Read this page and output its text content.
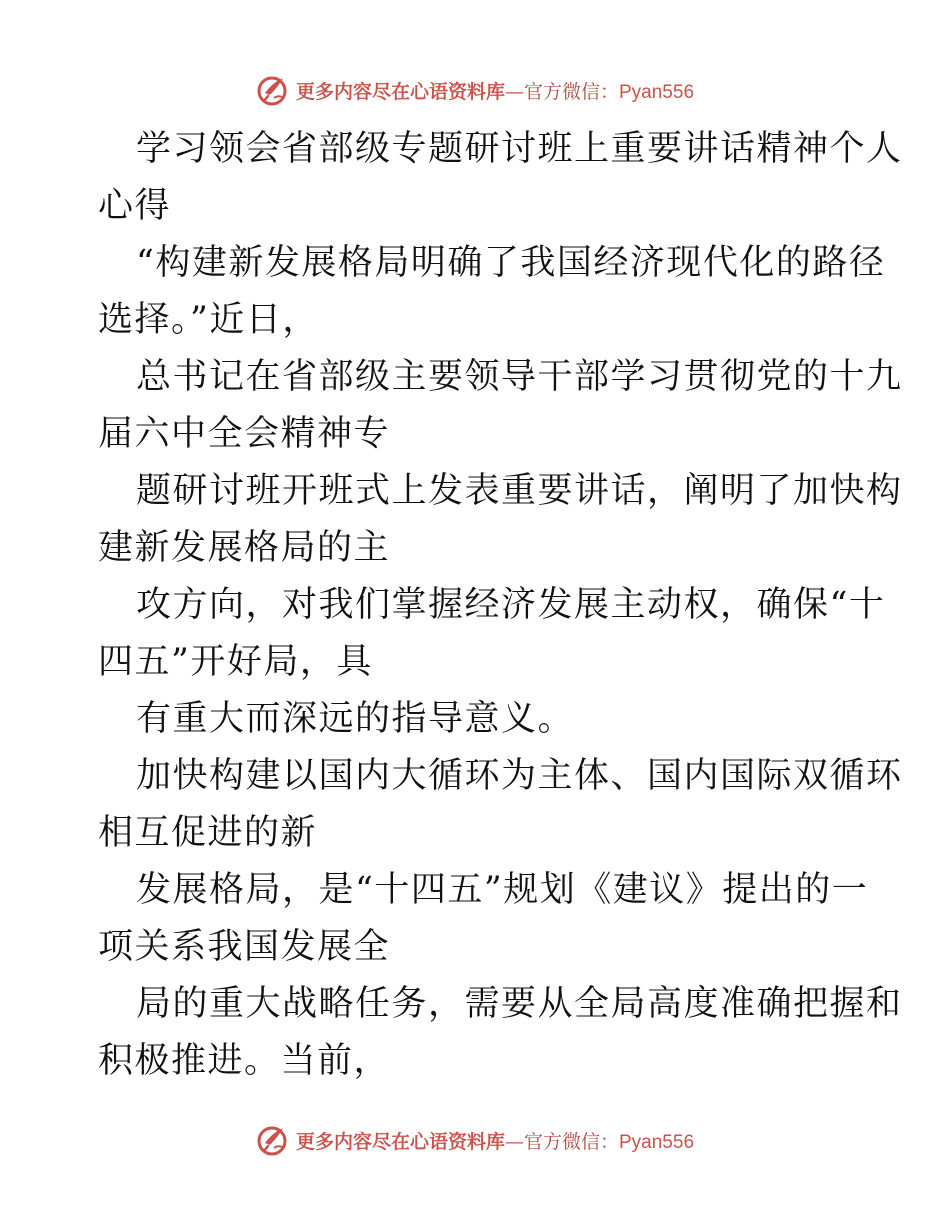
更多内容尽在心语资料库 — 官方微信： Pyan556
学习领会省部级专题研讨班上重要讲话精神个人
心得
“构建新发展格局明确了我国经济现代化的路径
选择。”近日，
总书记在省部级主要领导干部学习贯彻党的十九
届六中全会精神专
题研讨班开班式上发表重要讲话，阐明了加快构
建新发展格局的主
攻方向，对我们掌握经济发展主动权，确保“十
四五”开好局，具
有重大而深远的指导意义。
加快构建以国内大循环为主体、国内国际双循环
相互促进的新
发展格局，是“十四五”规划《建议》提出的一
项关系我国发展全
局的重大战略任务，需要从全局高度准确把握和
积极推进。当前，
更多内容尽在心语资料库 — 官方微信： Pyan556
